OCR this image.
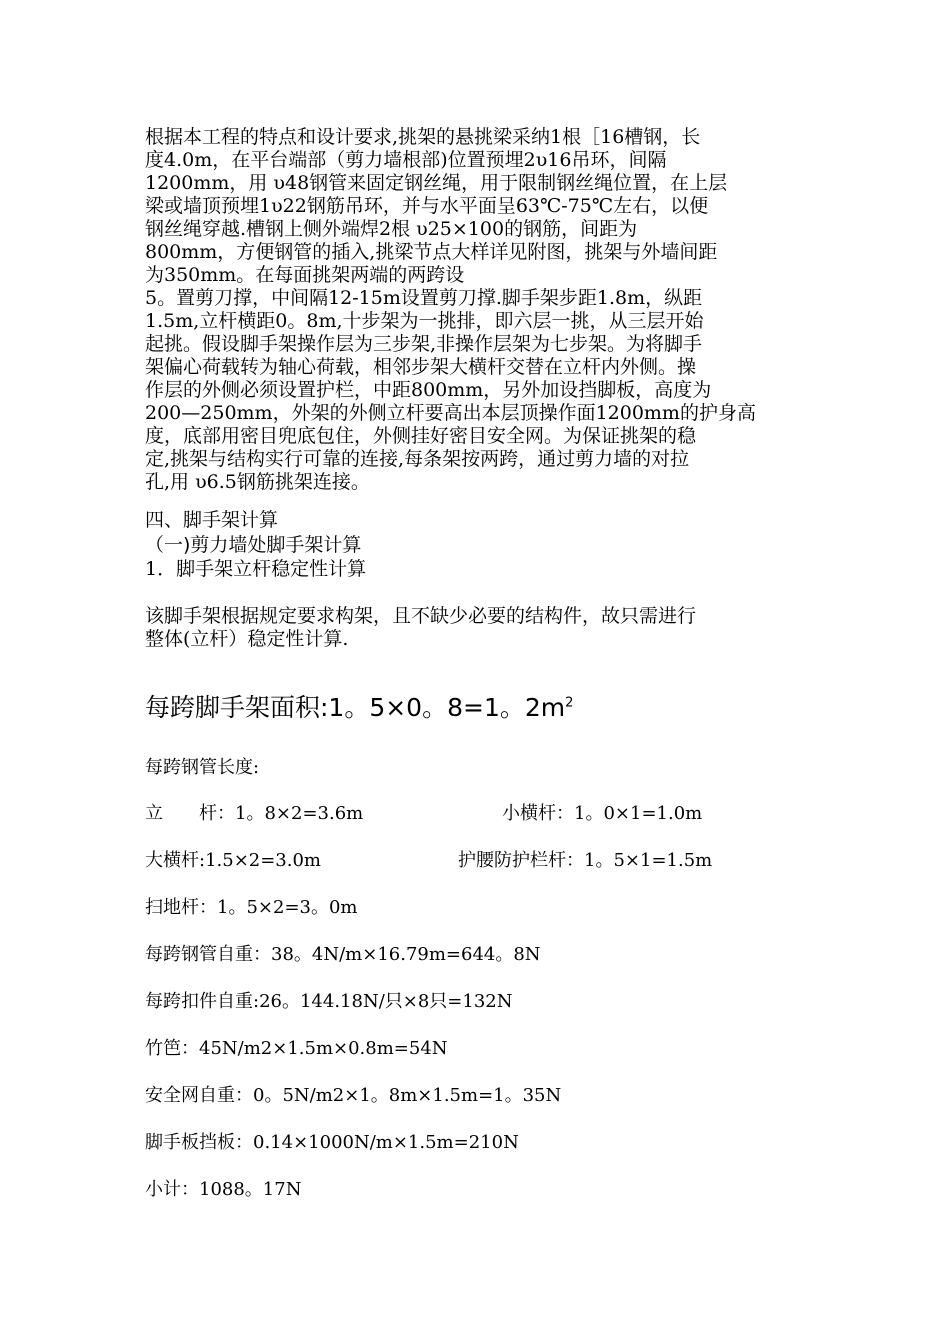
根据本工程的特点和设计要求,挑架的悬挑梁采纳1根［16槽钢，长
度4.0m，在平台端部（剪力墙根部)位置预埋2υ16吊环，间隔
1200mm，用 υ48钢管来固定钢丝绳，用于限制钢丝绳位置，在上层
梁或墙顶预埋1υ22钢筋吊环，并与水平面呈63℃-75℃左右，以便
钢丝绳穿越.槽钢上侧外端焊2根 υ25×100的钢筋，间距为
800mm，方便钢管的插入,挑梁节点大样详见附图，挑架与外墙间距
为350mm。在每面挑架两端的两跨设
5。置剪刀撑，中间隔12-15m设置剪刀撑.脚手架步距1.8m，纵距
1.5m,立杆横距0。8m,十步架为一挑排，即六层一挑，从三层开始
起挑。假设脚手架操作层为三步架,非操作层架为七步架。为将脚手
架偏心荷载转为轴心荷载，相邻步架大横杆交替在立杆内外侧。操
作层的外侧必须设置护栏，中距800mm，另外加设挡脚板，高度为
200—250mm，外架的外侧立杆要高出本层顶操作面1200mm的护身高
度，底部用密目兜底包住，外侧挂好密目安全网。为保证挑架的稳
定,挑架与结构实行可靠的连接,每条架按两跨，通过剪力墙的对拉
孔,用 υ6.5钢筋挑架连接。
四、脚手架计算
（一)剪力墙处脚手架计算
1．脚手架立杆稳定性计算
该脚手架根据规定要求构架，且不缺少必要的结构件，故只需进行
整体(立杆）稳定性计算.
每跨脚手架面积:1。5×0。8=1。$2m^2$
每跨钢管长度:
立　　杆：1。8×2=3.6m	小横杆：1。0×1=1.0m
大横杆:1.5×2=3.0m	护腰防护栏杆：1。5×1=1.5m
扫地杆：1。5×2=3。0m
每跨钢管自重：38。4N/m×16.79m=644。8N
每跨扣件自重:26。144.18N/只×8只=132N
竹笆：45N/m2×1.5m×0.8m=54N
安全网自重：0。5N/m2×1。8m×1.5m=1。35N
脚手板挡板：0.14×1000N/m×1.5m=210N
小计：1088。17N
